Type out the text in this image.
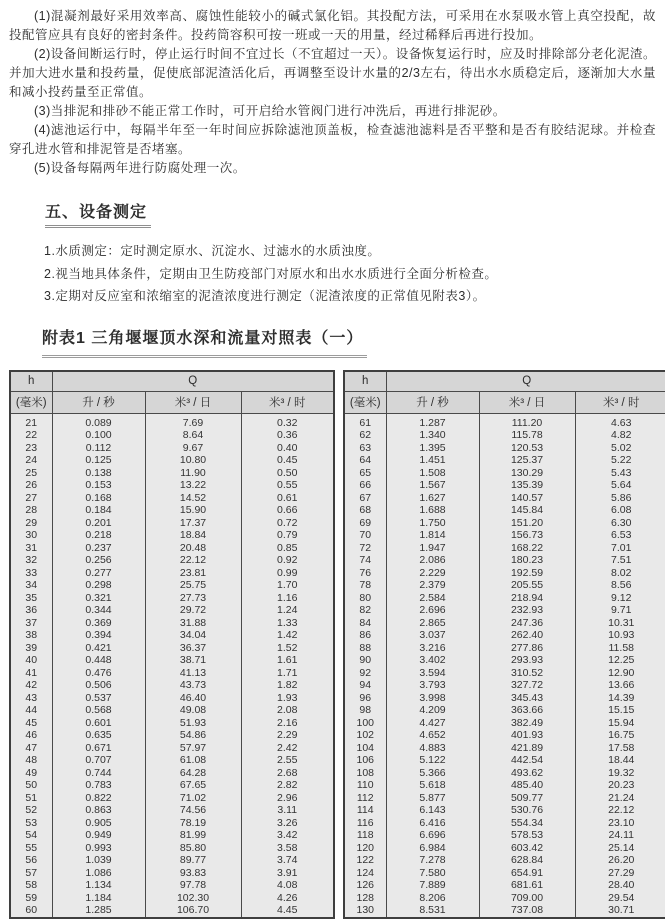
(1)混凝剂最好采用效率高、腐蚀性能较小的碱式氯化铝。其投配方法，可采用在水泵吸水管上真空投配，故投配管应具有良好的密封条件。投药筒容积可按一班或一天的用量，经过稀释后再进行投加。

(2)设备间断运行时，停止运行时间不宜过长（不宜超过一天）。设备恢复运行时，应及时排除部分老化泥渣。并加大进水量和投药量，促使底部泥渣活化后，再调整至设计水量的2/3左右，待出水水质稳定后，逐渐加大水量和减小投药量至正常值。

(3)当排泥和排砂不能正常工作时，可开启给水管阀门进行冲洗后，再进行排泥砂。

(4)滤池运行中，每隔半年至一年时间应拆除滤池顶盖板，检查滤池滤料是否平整和是否有胶结泥球。并检查穿孔进水管和排泥管是否堵塞。

(5)设备每隔两年进行防腐处理一次。

五、设备测定

1.水质测定：定时测定原水、沉淀水、过滤水的水质浊度。

2.视当地具体条件，定期由卫生防疫部门对原水和出水水质进行全面分析检查。

3.定期对反应室和浓缩室的泥渣浓度进行测定（泥渣浓度的正常值见附表3）。

附表1 三角堰堰顶水深和流量对照表（一）
h	Q		
(毫米)	升 / 秒	米³ / 日	米³ / 时
21	0.089	7.69	0.32
22	0.100	8.64	0.36
23	0.112	9.67	0.40
24	0.125	10.80	0.45
25	0.138	11.90	0.50
26	0.153	13.22	0.55
27	0.168	14.52	0.61
28	0.184	15.90	0.66
29	0.201	17.37	0.72
30	0.218	18.84	0.79
31	0.237	20.48	0.85
32	0.256	22.12	0.92
33	0.277	23.81	0.99
34	0.298	25.75	1.70
35	0.321	27.73	1.16
36	0.344	29.72	1.24
37	0.369	31.88	1.33
38	0.394	34.04	1.42
39	0.421	36.37	1.52
40	0.448	38.71	1.61
41	0.476	41.13	1.71
42	0.506	43.73	1.82
43	0.537	46.40	1.93
44	0.568	49.08	2.08
45	0.601	51.93	2.16
46	0.635	54.86	2.29
47	0.671	57.97	2.42
48	0.707	61.08	2.55
49	0.744	64.28	2.68
50	0.783	67.65	2.82
51	0.822	71.02	2.96
52	0.863	74.56	3.11
53	0.905	78.19	3.26
54	0.949	81.99	3.42
55	0.993	85.80	3.58
56	1.039	89.77	3.74
57	1.086	93.83	3.91
58	1.134	97.78	4.08
59	1.184	102.30	4.26
60	1.285	106.70	4.45
h	Q		
(毫米)	升 / 秒	米³ / 日	米³ / 时
61	1.287	111.20	4.63
62	1.340	115.78	4.82
63	1.395	120.53	5.02
64	1.451	125.37	5.22
65	1.508	130.29	5.43
66	1.567	135.39	5.64
67	1.627	140.57	5.86
68	1.688	145.84	6.08
69	1.750	151.20	6.30
70	1.814	156.73	6.53
72	1.947	168.22	7.01
74	2.086	180.23	7.51
76	2.229	192.59	8.02
78	2.379	205.55	8.56
80	2.584	218.94	9.12
82	2.696	232.93	9.71
84	2.865	247.36	10.31
86	3.037	262.40	10.93
88	3.216	277.86	11.58
90	3.402	293.93	12.25
92	3.594	310.52	12.90
94	3.793	327.72	13.66
96	3.998	345.43	14.39
98	4.209	363.66	15.15
100	4.427	382.49	15.94
102	4.652	401.93	16.75
104	4.883	421.89	17.58
106	5.122	442.54	18.44
108	5.366	493.62	19.32
110	5.618	485.40	20.23
112	5.877	509.77	21.24
114	6.143	530.76	22.12
116	6.416	554.34	23.10
118	6.696	578.53	24.11
120	6.984	603.42	25.14
122	7.278	628.84	26.20
124	7.580	654.91	27.29
126	7.889	681.61	28.40
128	8.206	709.00	29.54
130	8.531	737.08	30.71
